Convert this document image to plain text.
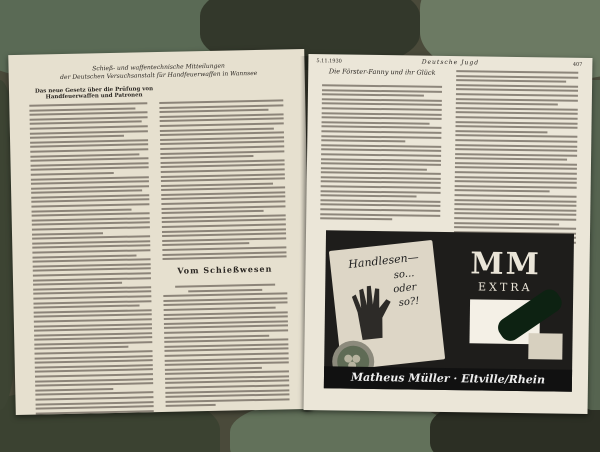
Schieß- und waffentechnische Mitteilungen
der Deutschen Versuchsanstalt für Handfeuerwaffen in Wannsee
Das neue Gesetz über die Prüfung von Handfeuerwaffen und Patronen
Vom Schießwesen
5.11.1930	Deutsche Jugd	407
Die Förster-Fanny und ihr Glück
Handlesen—
so...
oder
so?!
MM
EXTRA
Matheus Müller · Eltville/Rhein
